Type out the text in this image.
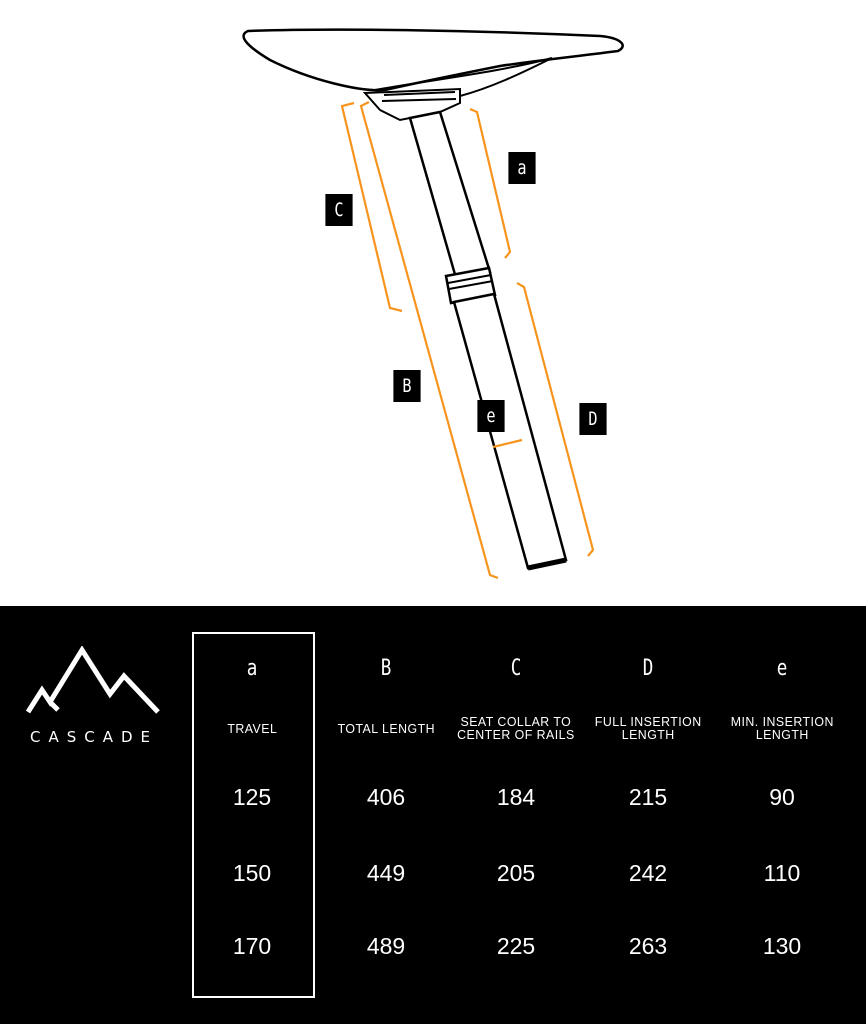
a
C
B
e	D
CASCADE
a
TRAVEL
125
150
170
B
TOTAL LENGTH
406
449
489
C
SEAT COLLAR TO
CENTER OF RAILS
184
205
225
D
FULL INSERTION
LENGTH
215
242
263
e
MIN. INSERTION
LENGTH
90
110
130
